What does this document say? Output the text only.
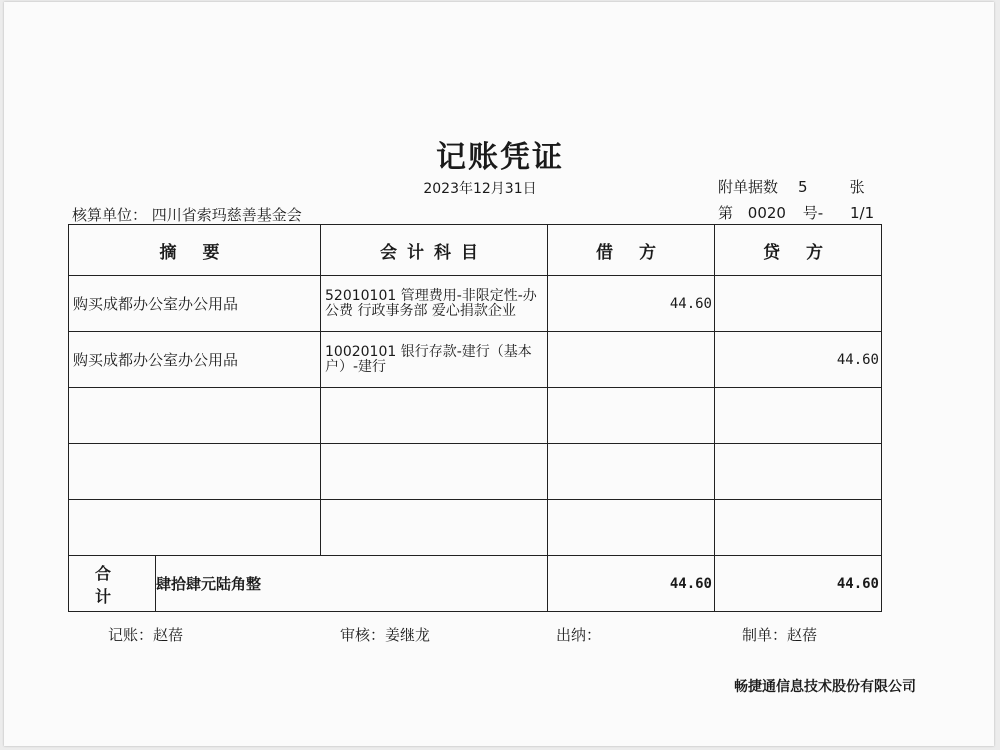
记账凭证
2023年12月31日	附单据数 5	张
核算单位： 四川省索玛慈善基金会	第 0020 号- 1/1
摘 要		会计科目	借 方	贷 方
购买成都办公室办公用品		52010101 管理费用-非限定性-办公费 行政事务部 爱心捐款企业	44.60	
购买成都办公室办公用品		10020101 银行存款-建行（基本户）-建行		44.60

合 计	肆拾肆元陆角整		44.60	44.60
记账：赵蓓	审核：姜继龙	出纳：	制单：赵蓓
畅捷通信息技术股份有限公司
